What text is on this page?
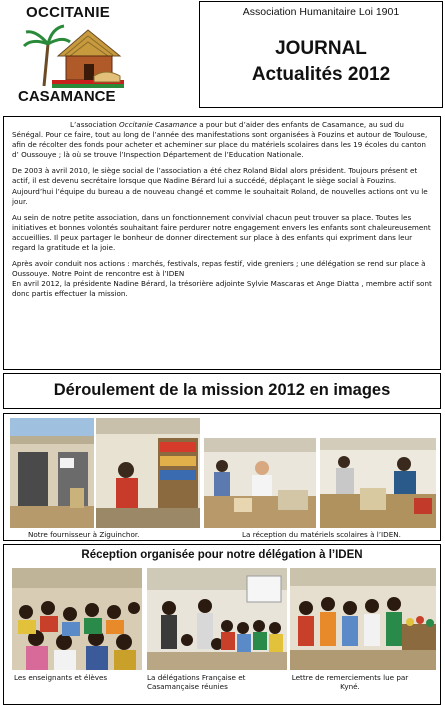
OCCITANIE
CASAMANCE
Association Humanitaire Loi 1901
JOURNAL
Actualités 2012

L’association Occitanie Casamance a pour but d’aider des enfants de Casamance, au sud du Sénégal. Pour ce faire, tout au long de l’année des manifestations sont organisées à Fouzins et autour de Toulouse, afin de récolter des fonds pour acheter et acheminer sur place du matériels scolaires dans les 19 écoles du canton d’ Oussouye ; là où se trouve l’Inspection Département de l’Education Nationale.

De 2003 à avril 2010, le siège social de l’association a été chez Roland Bidal alors président. Toujours présent et actif, il est devenu secrétaire lorsque que Nadine Bérard lui a succédé, déplaçant le siège social à Fouzins. Aujourd’hui l’équipe du bureau a de nouveau changé et comme le souhaitait Roland, de nouvelles actions ont vu le jour.

Au sein de notre petite association, dans un fonctionnement convivial chacun peut trouver sa place. Toutes les initiatives et bonnes volontés souhaitant faire perdurer notre engagement envers les enfants sont chaleureusement accueillies. Il peux partager le bonheur de donner directement sur place à des enfants qui expriment dans leur regard la gratitude et la joie.

Après avoir conduit nos actions : marchés, festivals, repas festif, vide greniers ; une délégation se rend sur place à Oussouye. Notre Point de rencontre est à l’IDEN

En avril 2012, la présidente Nadine Bérard, la trésorière adjointe Sylvie Mascaras et Ange Diatta , membre actif sont donc partis effectuer la mission.

Déroulement de la mission 2012 en images
Notre fournisseur à Ziguinchor.	La réception du matériels scolaires à l’IDEN.
Réception organisée pour notre délégation à l’IDEN
Les enseignants et élèves	La délégations Française et Casamançaise réunies
Lettre de remerciements lue par Kyné.
